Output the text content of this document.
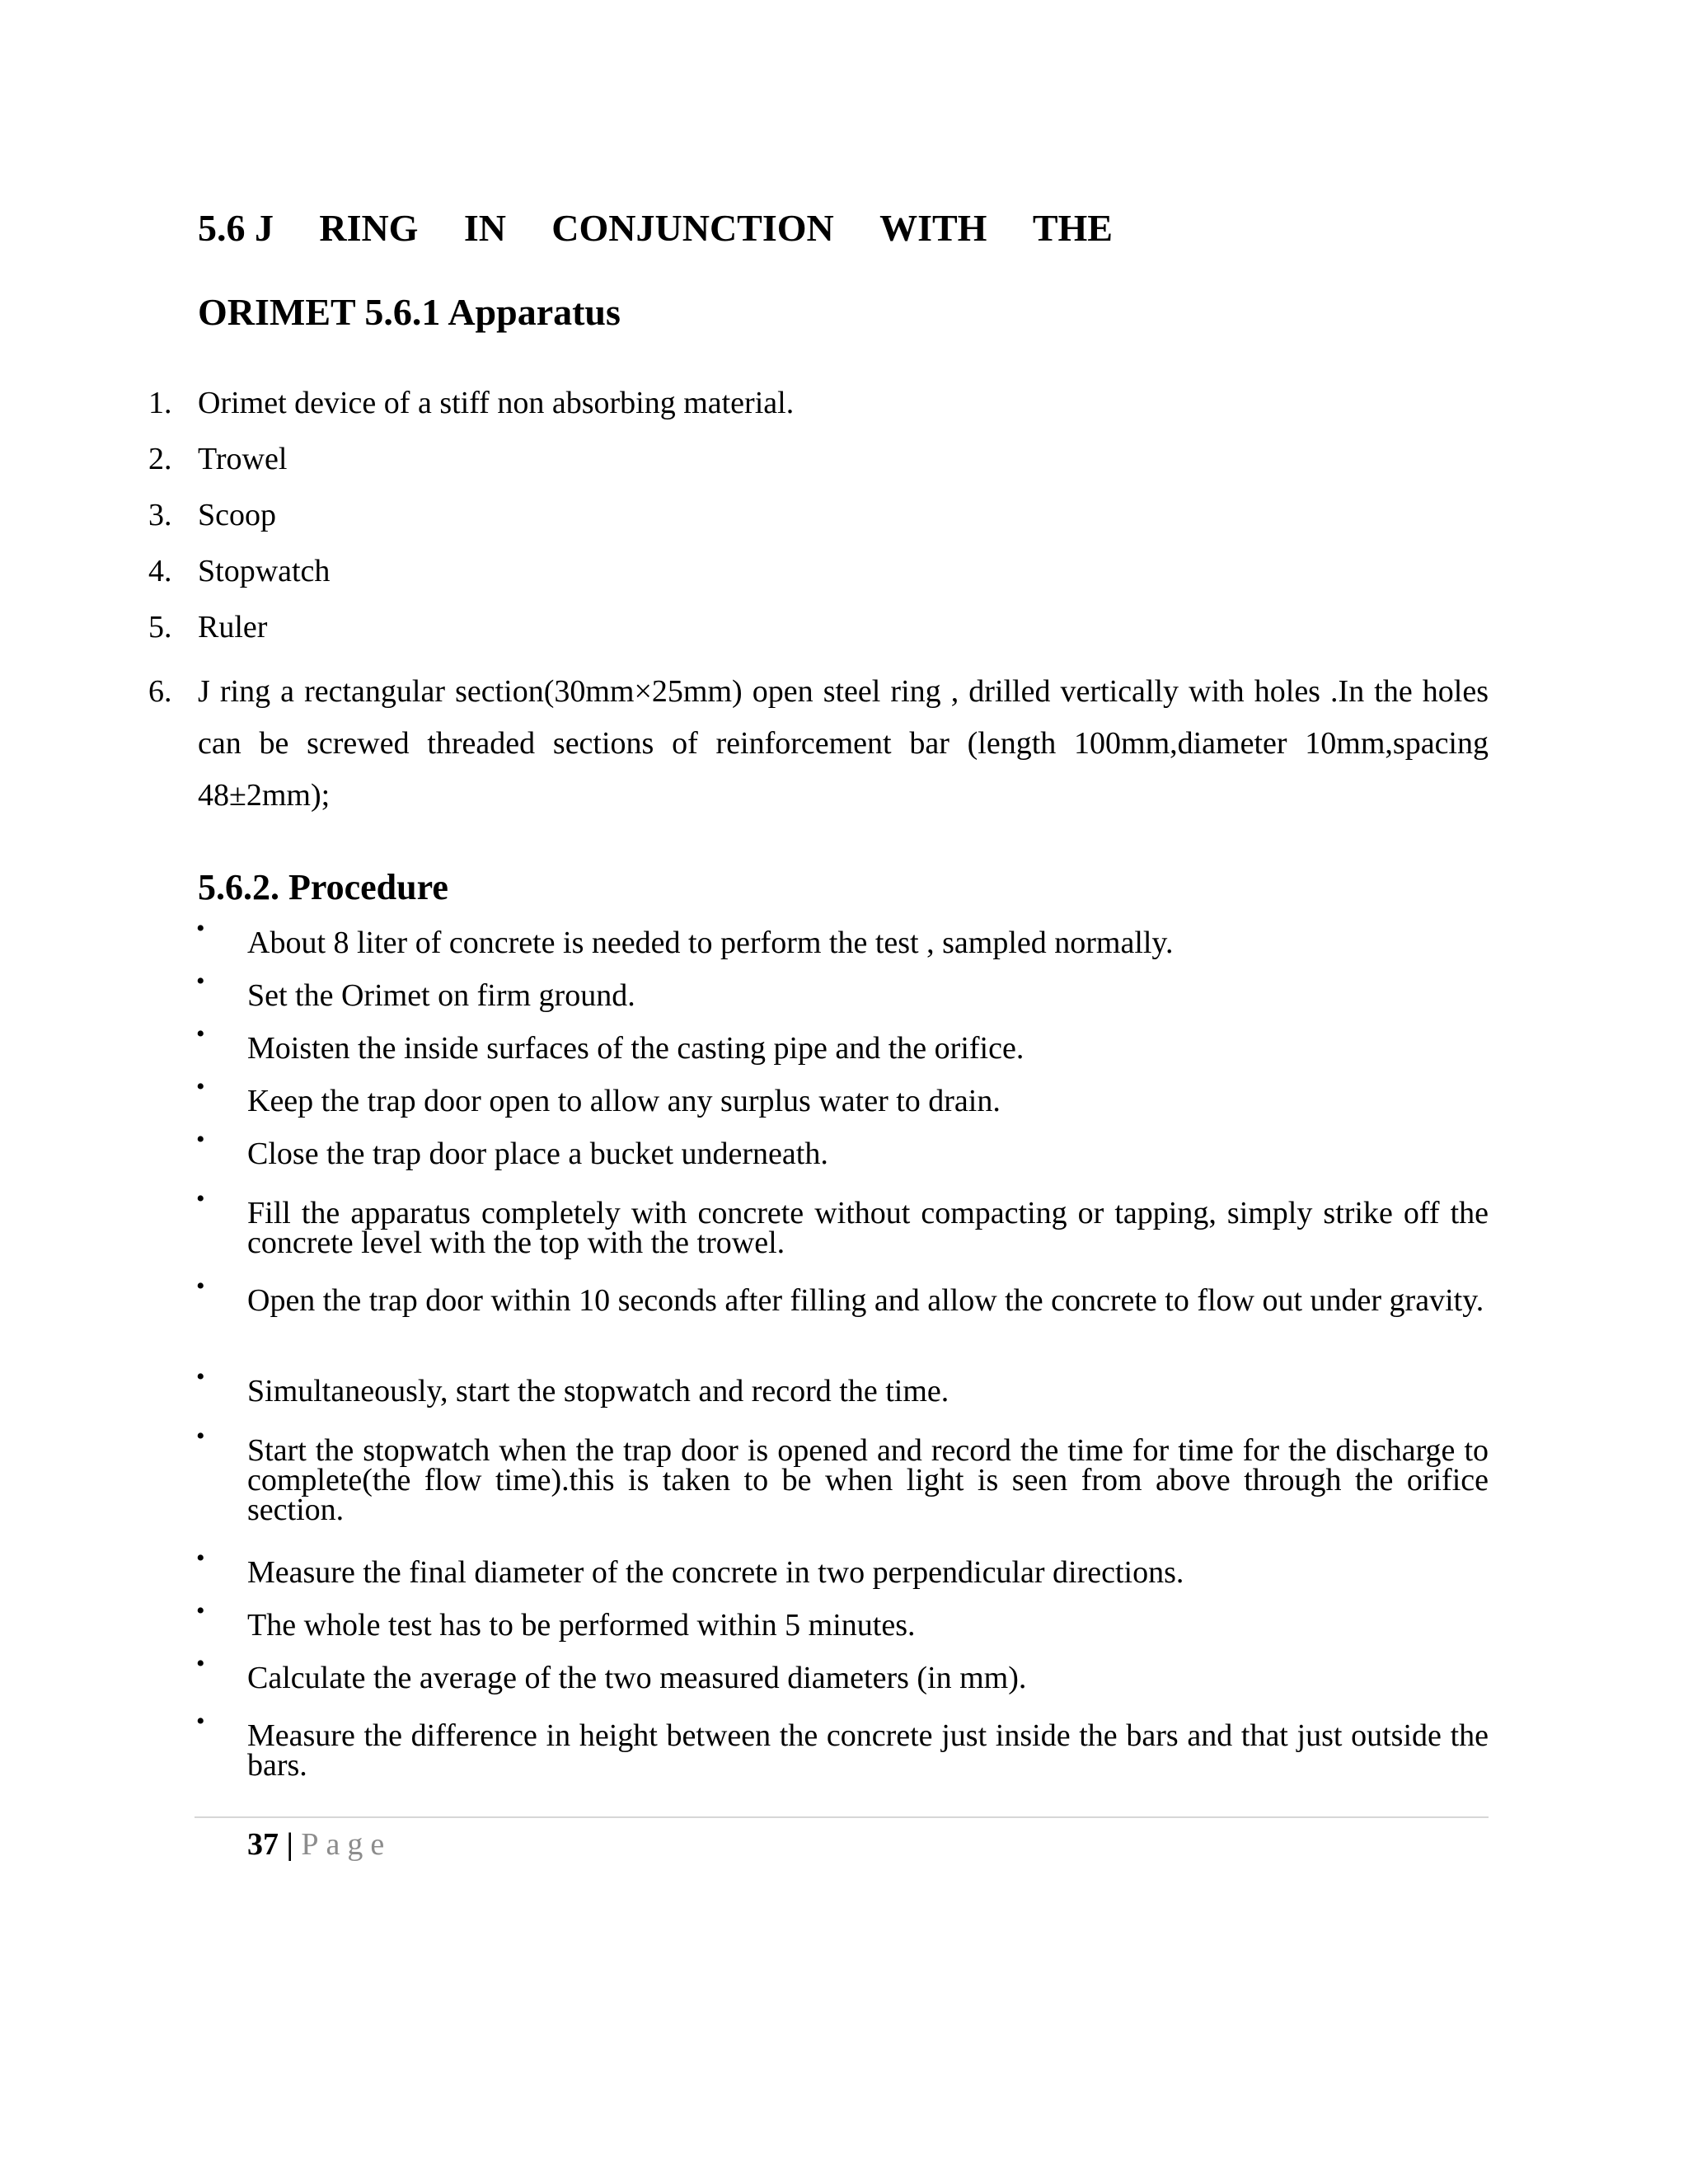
5.6 J RING IN CONJUNCTION WITH THE
ORIMET 5.6.1 Apparatus
1. Orimet device of a stiff non absorbing material.
2. Trowel
3. Scoop
4. Stopwatch
5. Ruler
6. J ring a rectangular section(30mm×25mm) open steel ring , drilled vertically with holes .In the holes can be screwed threaded sections of reinforcement bar (length 100mm,diameter 10mm,spacing 48±2mm);
5.6.2. Procedure
• About 8 liter of concrete is needed to perform the test , sampled normally.
• Set the Orimet on firm ground.
• Moisten the inside surfaces of the casting pipe and the orifice.
• Keep the trap door open to allow any surplus water to drain.
• Close the trap door place a bucket underneath.
• Fill the apparatus completely with concrete without compacting or tapping, simply strike off the concrete level with the top with the trowel.
• Open the trap door within 10 seconds after filling and allow the concrete to flow out under gravity.
• Simultaneously, start the stopwatch and record the time.
• Start the stopwatch when the trap door is opened and record the time for time for the discharge to complete(the flow time).this is taken to be when light is seen from above through the orifice section.
• Measure the final diameter of the concrete in two perpendicular directions.
• The whole test has to be performed within 5 minutes.
• Calculate the average of the two measured diameters (in mm).
• Measure the difference in height between the concrete just inside the bars and that just outside the bars.
37 | Page
